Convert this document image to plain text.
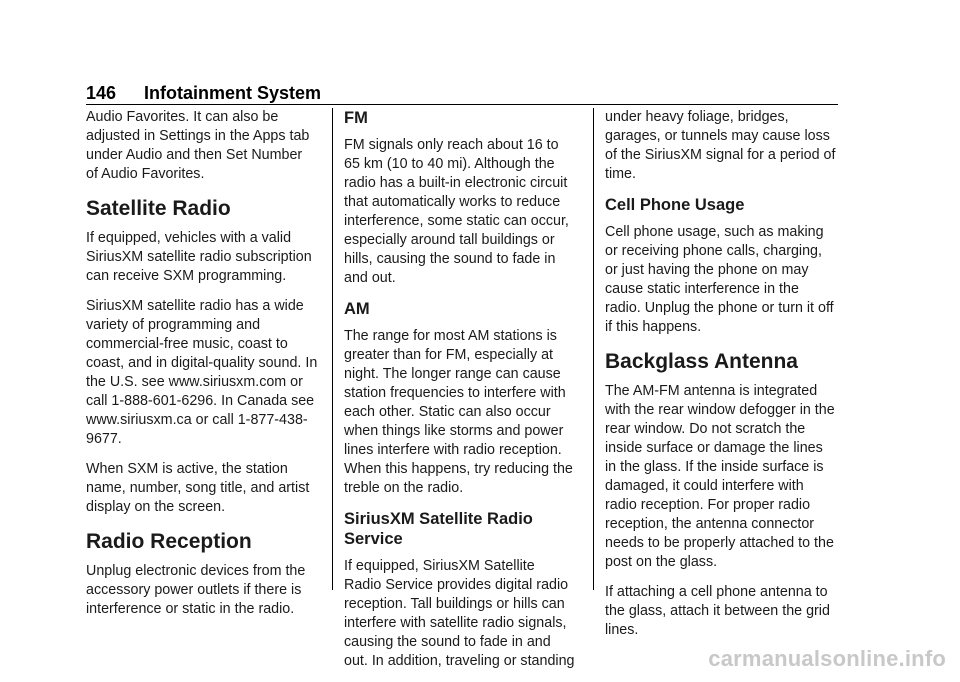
146 Infotainment System

Audio Favorites. It can also be adjusted in Settings in the Apps tab under Audio and then Set Number of Audio Favorites.

Satellite Radio

If equipped, vehicles with a valid SiriusXM satellite radio subscription can receive SXM programming.

SiriusXM satellite radio has a wide variety of programming and commercial-free music, coast to coast, and in digital-quality sound. In the U.S. see www.siriusxm.com or call 1-888-601-6296. In Canada see www.siriusxm.ca or call 1-877-438-9677.

When SXM is active, the station name, number, song title, and artist display on the screen.

Radio Reception

Unplug electronic devices from the accessory power outlets if there is interference or static in the radio.

FM

FM signals only reach about 16 to 65 km (10 to 40 mi). Although the radio has a built-in electronic circuit that automatically works to reduce interference, some static can occur, especially around tall buildings or hills, causing the sound to fade in and out.

AM

The range for most AM stations is greater than for FM, especially at night. The longer range can cause station frequencies to interfere with each other. Static can also occur when things like storms and power lines interfere with radio reception. When this happens, try reducing the treble on the radio.

SiriusXM Satellite Radio Service

If equipped, SiriusXM Satellite Radio Service provides digital radio reception. Tall buildings or hills can interfere with satellite radio signals, causing the sound to fade in and out. In addition, traveling or standing

under heavy foliage, bridges, garages, or tunnels may cause loss of the SiriusXM signal for a period of time.

Cell Phone Usage

Cell phone usage, such as making or receiving phone calls, charging, or just having the phone on may cause static interference in the radio. Unplug the phone or turn it off if this happens.

Backglass Antenna

The AM-FM antenna is integrated with the rear window defogger in the rear window. Do not scratch the inside surface or damage the lines in the glass. If the inside surface is damaged, it could interfere with radio reception. For proper radio reception, the antenna connector needs to be properly attached to the post on the glass.

If attaching a cell phone antenna to the glass, attach it between the grid lines.

carmanualsonline.info
